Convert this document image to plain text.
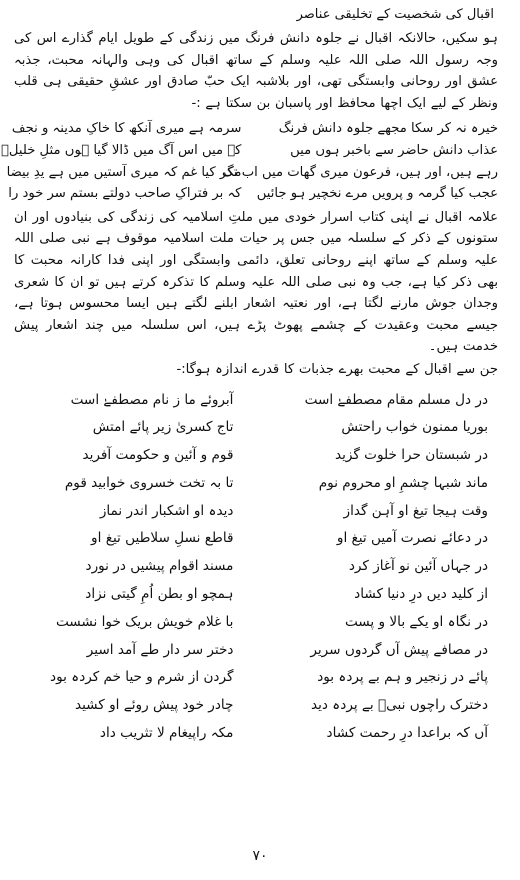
اقبال کی شخصیت کے تخلیقی عناصر

ہو سکیں، حالانکہ اقبال نے جلوہ دانش فرنگ میں زندگی کے طویل ایام گذارے اس کی وجہ رسول اللہ صلی اللہ علیہ وسلم کے ساتھ اقبال کی وہی والہانہ محبت، جذبہ عشق اور روحانی وابستگی تھی، اور بلاشبہ ایک حبّ صادق اور عشقِ حقیقی ہی قلب ونظر کے لیے ایک اچھا محافظ اور پاسبان بن سکتا ہے :-

خیرہ نہ کر سکا مجھے جلوہ دانش فرنگ
سرمہ ہے میری آنکھ کا خاکِ مدینہ و نجف
عذاب دانش حاضر سے باخبر ہوں میں
کہ میں اس آگ میں ڈالا گیا ہوں مثلِ خلیلؑ
رہے ہیں، اور ہیں، فرعون میری گھات میں اب تک
مگر کیا غم کہ میری آستیں میں ہے یدِ بیضا
عجب کیا گرمہ و پرویں مرے نخچیر ہو جائیں
کہ بر فتراکِ صاحب دولتے بستم سر خود را

علامہ اقبال نے اپنی کتاب اسرار خودی میں ملتِ اسلامیہ کی زندگی کی بنیادوں اور ان ستونوں کے ذکر کے سلسلہ میں جس پر حیات ملت اسلامیہ موقوف ہے نبی صلی اللہ علیہ وسلم کے ساتھ اپنے روحانی تعلق، دائمی وابستگی اور اپنی فدا کارانہ محبت کا بھی ذکر کیا ہے، جب وہ نبی صلی اللہ علیہ وسلم کا تذکرہ کرتے ہیں تو ان کا شعری وجدان جوش مارنے لگتا ہے، اور نعتیہ اشعار ابلنے لگتے ہیں ایسا محسوس ہوتا ہے، جیسے محبت وعقیدت کے چشمے پھوٹ پڑے ہیں، اس سلسلہ میں چند اشعار پیش خدمت ہیں۔

جن سے اقبال کے محبت بھرے جذبات کا قدرے اندازہ ہوگا:-

در دل مسلم مقام مصطفےٰ است
آبروئے ما ز نام مصطفےٰ است
بوریا ممنون خواب راحتش
تاج کسریٰ زیر پائے امتش
در شبستان حرا خلوت گزید
قوم و آئین و حکومت آفرید
ماند شبہا چشمِ او محروم نوم
تا بہ تخت خسروی خوابید قوم
وقت ہیجا تیغ او آہن گداز
دیدہ او اشکبار اندر نماز
در دعائے نصرت آمیں تیغ او
قاطع نسلِ سلاطیں تیغ او
در جہاں آئین نو آغاز کرد
مسند اقوام پیشیں در نورد
از کلید دیں درِ دنیا کشاد
ہمچو او بطن اُمِ گیتی نزاد
در نگاہ او یکے بالا و پست
با غلام خویش بریک خوا نشست
در مصافے پیش آں گردوں سریر
دختر سر دار طے آمد اسیر
پائے در زنجیر و ہم بے پردہ بود
گردن از شرم و حیا خم کردہ بود
دخترک راچوں نبیؐ بے پردہ دید
چادر خود پیش روئے او کشید
آں کہ براعدا درِ رحمت کشاد
مکہ راپیغام لا تثریب داد
۷۰
